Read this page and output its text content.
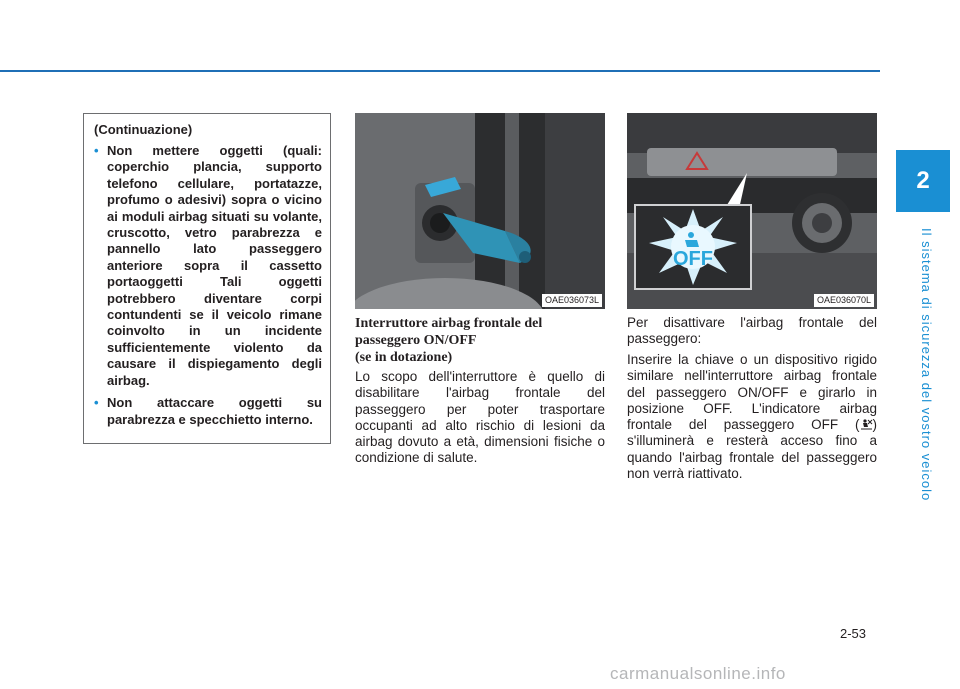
2
Il sistema di sicurezza del vostro veicolo

(Continuazione)

• Non mettere oggetti (quali: coperchio plancia, supporto telefono cellulare, portatazze, profumo o adesivi) sopra o vicino ai moduli airbag situati su volante, cruscotto, vetro parabrezza e pannello lato passeggero anteriore sopra il cassetto portaoggetti Tali oggetti potrebbero diventare corpi contundenti se il veicolo rimane coinvolto in un incidente sufficientemente violento da causare il dispiegamento degli airbag.
• Non attaccare oggetti su parabrezza e specchietto interno.
OAE036073L
OFF
OAE036070L
Interruttore airbag frontale del
passeggero ON/OFF
(se in dotazione)

Lo scopo dell'interruttore è quello di disabilitare l'airbag frontale del passeggero per poter trasportare occupanti ad alto rischio di lesioni da airbag dovuto a età, dimensioni fisiche o condizione di salute.

Per disattivare l'airbag frontale del passeggero:

Inserire la chiave o un dispositivo rigido similare nell'interruttore airbag frontale del passeggero ON/OFF e girarlo in posizione OFF. L'indicatore airbag frontale del passeggero OFF ( ) s'illuminerà e resterà acceso fino a quando l'airbag frontale del passeggero non verrà riattivato.

2-53
carmanualsonline.info
